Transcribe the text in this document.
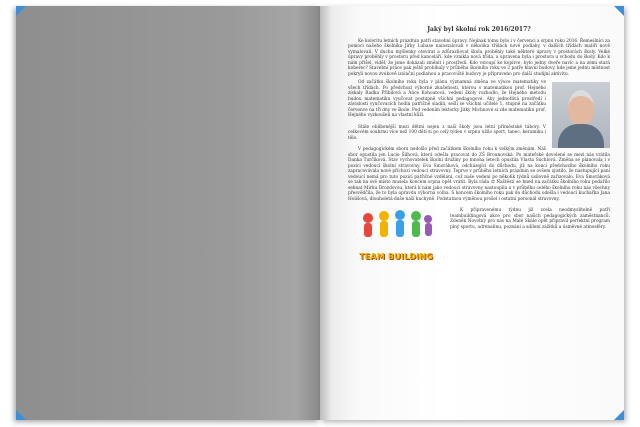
Jaký byl školní rok 2016/2017?

Ke koloritu letních prázdnin patří stavební úpravy. Nejinak tomu bylo i v červenci a srpnu roku 2016. Řemeslníci za pomoci našeho školníka Jirky Lubase nainstalovali v několika třídách nové podlahy, v dalších třídách malíři nově vymalovali. V duchu myšlenky otevírat a zdůrazňovat školu proběhly také některé úpravy v prostorách školy. Velké úpravy proběhly v prostoru před kanceláří, kde vznikla nová třída, a upravena byla i prostora u vchodu do školy. Kdo k nám přišel, viděl, že jsme dokázali změnit i prostředí. Kdo vstoupí ke kopírce, bylo jedny dveře navíc a na zemi stará koberec? Stavební práce pak ještě probíhaly v průběhu školního roku ve 2 patře hlavní budovy, kde jsme jednu místnost pokryli novou zvukově izolační podlahou a pracoviště budovy je připraveno pro další studijní aktivitu.

Od začátku školního roku byla v plánu významná změna ve výuce matematiky ve všech třídách. Po předchozí výborné zkušenosti, kterou s matematikou prof. Hejného získaly Radka Přibilová a Alice Kohoutová, vedení školy rozhodlo, že Hejného metodu budou matematiku vyučovat postupně všichni pedagogové. Aby jednotlivá prostředí i závislosti vyučovacích hodin patřičně sladili, sešli se všichni učitelé 1. stupně na začátku července na tři dny ve škole. Pod vedením lektorky Jitky Michnové si zde matematiku prof. Hejného vyzkoušeli na vlastní kůži.

Stále oblíbenější mezi dětmi nejen z naší školy jsou letní příměstské tábory. V celkovém souhrnu více než 100 dětí si po celý týden v srpnu užilo sport, tanec, keramiku i tělo.

V pedagogickém sboru nedošlo před začátkem školního roku k velkým změnám. Náš sbor opustila jen Lucie Šilhová, která odešla pracovat do ZŠ Brounovská. Po mateřské dovolené se mezi nás vrátila Danka Turčíková. Stav vychovatelek školní družiny po mnoha letech opustila Vlasta Suchlová. Změna se plánovala i v pozici vedoucí školní stravovny. Eva Smoráková, odcházející do důchodu, již na konci předchozího školního roku zapracovávala nové příchozí vedoucí stravovny. Teprve v průběhu letních prázdnin se ovšem zjistilo, že nastupující paní vedoucí nemá pro tuto pozici patřičné vzdělání, což naše vedení po několik týdnů usilovně zařizovalo. Eva Smoráková se tak na své místo musela koncem srpna opět vrátit. Byla ráda ☺ Naštěstí se hned na začátku školního roku podařilo sehnat Mirku Drozdovou, která k nám jako vedoucí stravovny nastoupila a v průběhu celého školního roku nás všechny přesvědčila, že to byla opravdu výborná volba. S koncem školního roku pak do důchodu odešla i vedoucí kuchařka Jana Holišová, dlouholetá duše naší kuchyně. Podstatnou výměnou prošel i ostatní personál stravovny.

TEAM BUILDING

K připravenému týdnu již zcela neodmyslitelně patří teambuildingová akce pro sbor našich pedagogických zaměstnanců. Zdeněk Novotný pro nás na Malé Skále opět připravil perfektní program plný sportu, adrenalinu, poznání a sdílení zážitků a úsměvné atmosféry.
